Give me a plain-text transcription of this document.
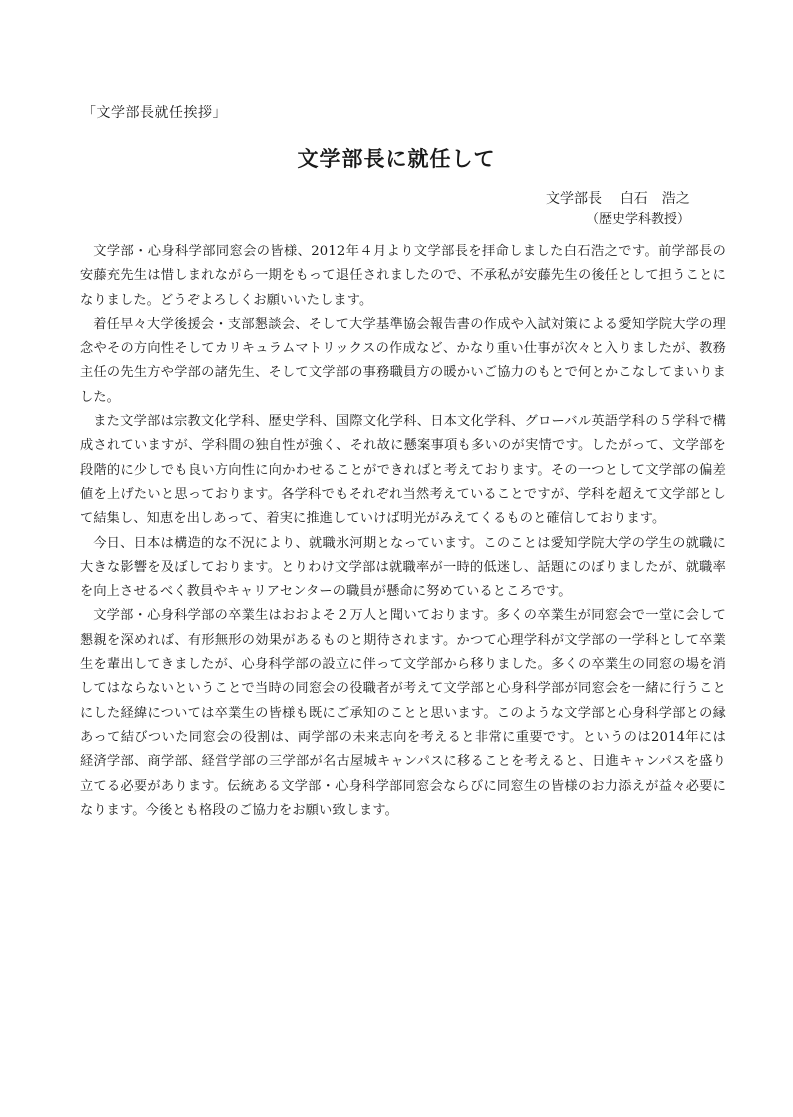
「文学部長就任挨拶」
文学部長に就任して
文学部長 白石　浩之
（歴史学科教授）

文学部・心身科学部同窓会の皆様、2012年４月より文学部長を拝命しました白石浩之です。前学部長の安藤充先生は惜しまれながら一期をもって退任されましたので、不承私が安藤先生の後任として担うことになりました。どうぞよろしくお願いいたします。

着任早々大学後援会・支部懇談会、そして大学基準協会報告書の作成や入試対策による愛知学院大学の理念やその方向性そしてカリキュラムマトリックスの作成など、かなり重い仕事が次々と入りましたが、教務主任の先生方や学部の諸先生、そして文学部の事務職員方の暖かいご協力のもとで何とかこなしてまいりました。

また文学部は宗教文化学科、歴史学科、国際文化学科、日本文化学科、グローバル英語学科の５学科で構成されていますが、学科間の独自性が強く、それ故に懸案事項も多いのが実情です。したがって、文学部を段階的に少しでも良い方向性に向かわせることができればと考えております。その一つとして文学部の偏差値を上げたいと思っております。各学科でもそれぞれ当然考えていることですが、学科を超えて文学部として結集し、知恵を出しあって、着実に推進していけば明光がみえてくるものと確信しております。

今日、日本は構造的な不況により、就職氷河期となっています。このことは愛知学院大学の学生の就職に大きな影響を及ぼしております。とりわけ文学部は就職率が一時的低迷し、話題にのぼりましたが、就職率を向上させるべく教員やキャリアセンターの職員が懸命に努めているところです。

文学部・心身科学部の卒業生はおおよそ２万人と聞いております。多くの卒業生が同窓会で一堂に会して懇親を深めれば、有形無形の効果があるものと期待されます。かつて心理学科が文学部の一学科として卒業生を輩出してきましたが、心身科学部の設立に伴って文学部から移りました。多くの卒業生の同窓の場を消してはならないということで当時の同窓会の役職者が考えて文学部と心身科学部が同窓会を一緒に行うことにした経緯については卒業生の皆様も既にご承知のことと思います。このような文学部と心身科学部との縁あって結びついた同窓会の役割は、両学部の未来志向を考えると非常に重要です。というのは2014年には経済学部、商学部、経営学部の三学部が名古屋城キャンパスに移ることを考えると、日進キャンパスを盛り立てる必要があります。伝統ある文学部・心身科学部同窓会ならびに同窓生の皆様のお力添えが益々必要になります。今後とも格段のご協力をお願い致します。
